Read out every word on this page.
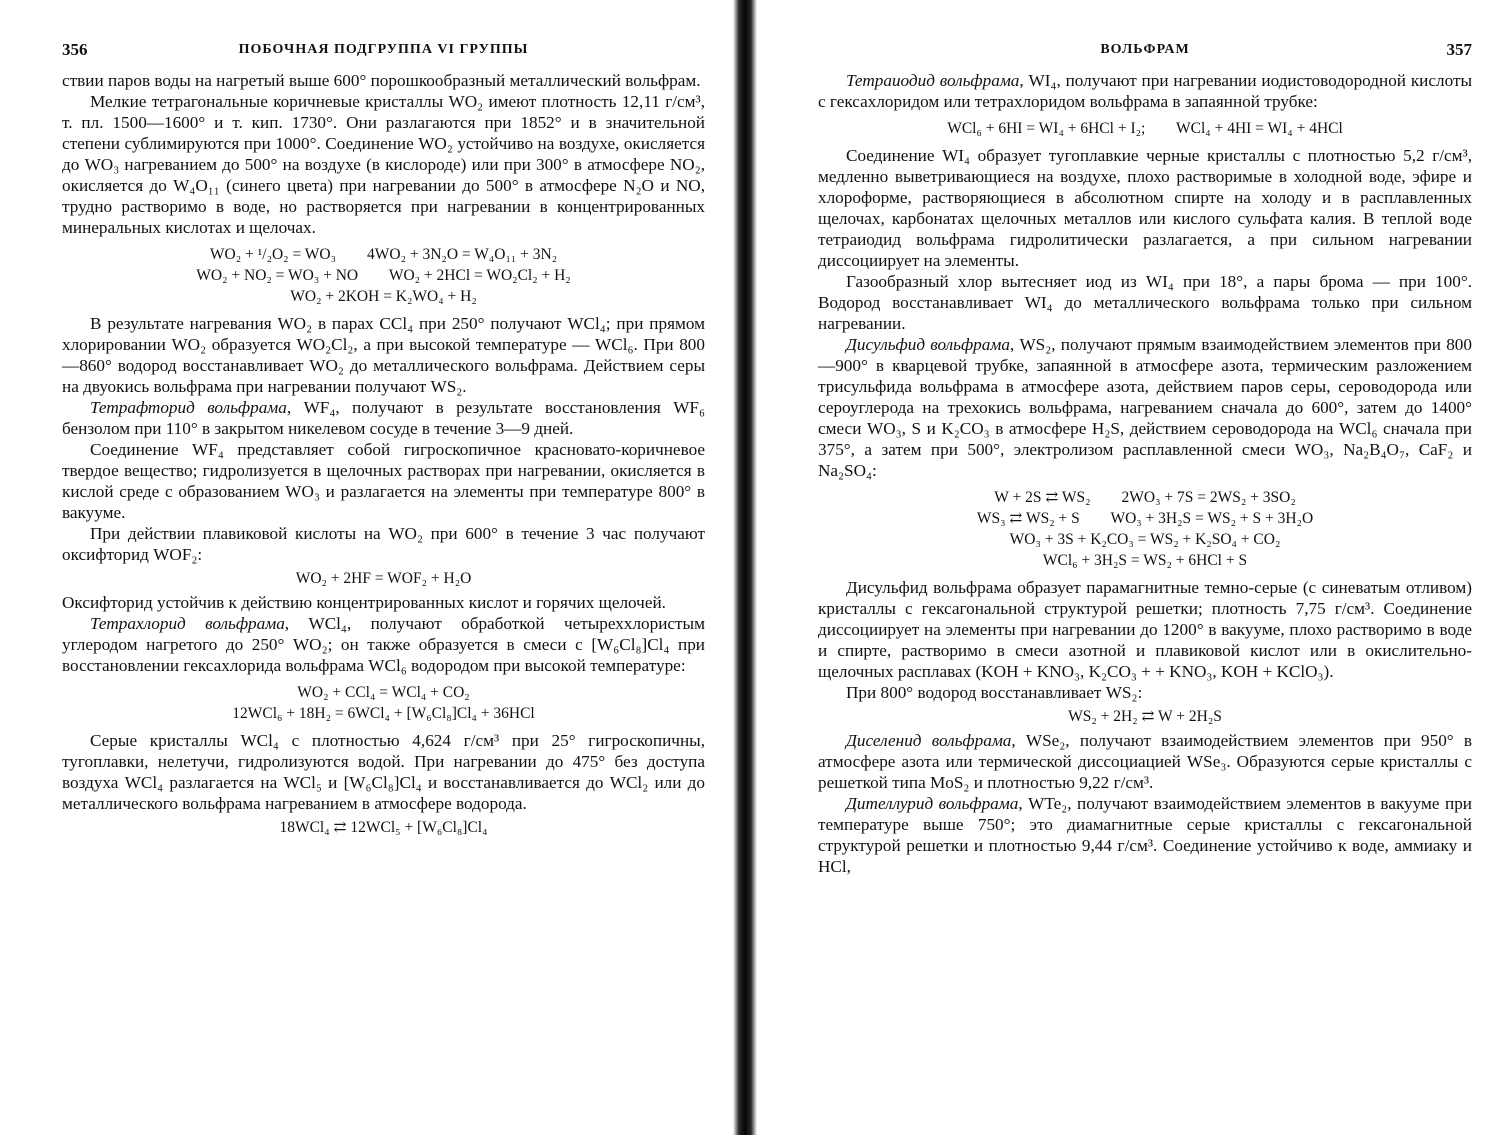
356	ПОБОЧНАЯ ПОДГРУППА VI ГРУППЫ

ствии паров воды на нагретый выше 600° порошкообразный металлический вольфрам.

Мелкие тетрагональные коричневые кристаллы WO₂ имеют плотность 12,11 г/см³, т. пл. 1500—1600° и т. кип. 1730°. Они разлагаются при 1852° и в значительной степени сублимируются при 1000°. Соединение WO₂ устойчиво на воздухе, окисляется до WO₃ нагреванием до 500° на воздухе (в кислороде) или при 300° в атмосфере NO₂, окисляется до W₄O₁₁ (синего цвета) при нагревании до 500° в атмосфере N₂O и NO, трудно растворимо в воде, но растворяется при нагревании в концентрированных минеральных кислотах и щелочах.

WO₂ + ¹/₂O₂ = WO₃        4WO₂ + 3N₂O = W₄O₁₁ + 3N₂
WO₂ + NO₂ = WO₃ + NO        WO₂ + 2HCl = WO₂Cl₂ + H₂
WO₂ + 2KOH = K₂WO₄ + H₂

В результате нагревания WO₂ в парах CCl₄ при 250° получают WCl₄; при прямом хлорировании WO₂ образуется WO₂Cl₂, а при высокой температуре — WCl₆. При 800—860° водород восстанавливает WO₂ до металлического вольфрама. Действием серы на двуокись вольфрама при нагревании получают WS₂.

Тетрафторид вольфрама, WF₄, получают в результате восстановления WF₆ бензолом при 110° в закрытом никелевом сосуде в течение 3—9 дней.

Соединение WF₄ представляет собой гигроскопичное красновато-коричневое твердое вещество; гидролизуется в щелочных растворах при нагревании, окисляется в кислой среде с образованием WO₃ и разлагается на элементы при температуре 800° в вакууме.

При действии плавиковой кислоты на WO₂ при 600° в течение 3 час получают оксифторид WOF₂:

WO₂ + 2HF = WOF₂ + H₂O

Оксифторид устойчив к действию концентрированных кислот и горячих щелочей.

Тетрахлорид вольфрама, WCl₄, получают обработкой четыреххлористым углеродом нагретого до 250° WO₂; он также образуется в смеси с [W₆Cl₈]Cl₄ при восстановлении гексахлорида вольфрама WCl₆ водородом при высокой температуре:

WO₂ + CCl₄ = WCl₄ + CO₂
12WCl₆ + 18H₂ = 6WCl₄ + [W₆Cl₈]Cl₄ + 36HCl

Серые кристаллы WCl₄ с плотностью 4,624 г/см³ при 25° гигроскопичны, тугоплавки, нелетучи, гидролизуются водой. При нагревании до 475° без доступа воздуха WCl₄ разлагается на WCl₅ и [W₆Cl₈]Cl₄ и восстанавливается до WCl₂ или до металлического вольфрама нагреванием в атмосфере водорода.

18WCl₄ ⇄ 12WCl₅ + [W₆Cl₈]Cl₄
ВОЛЬФРАМ	357

Тетраиодид вольфрама, WI₄, получают при нагревании иодистоводородной кислоты с гексахлоридом или тетрахлоридом вольфрама в запаянной трубке:

WCl₆ + 6HI = WI₄ + 6HCl + I₂;        WCl₄ + 4HI = WI₄ + 4HCl

Соединение WI₄ образует тугоплавкие черные кристаллы с плотностью 5,2 г/см³, медленно выветривающиеся на воздухе, плохо растворимые в холодной воде, эфире и хлороформе, растворяющиеся в абсолютном спирте на холоду и в расплавленных щелочах, карбонатах щелочных металлов или кислого сульфата калия. В теплой воде тетраиодид вольфрама гидролитически разлагается, а при сильном нагревании диссоциирует на элементы.

Газообразный хлор вытесняет иод из WI₄ при 18°, а пары брома — при 100°. Водород восстанавливает WI₄ до металлического вольфрама только при сильном нагревании.

Дисульфид вольфрама, WS₂, получают прямым взаимодействием элементов при 800—900° в кварцевой трубке, запаянной в атмосфере азота, термическим разложением трисульфида вольфрама в атмосфере азота, действием паров серы, сероводорода или сероуглерода на трехокись вольфрама, нагреванием сначала до 600°, затем до 1400° смеси WO₃, S и K₂CO₃ в атмосфере H₂S, действием сероводорода на WCl₆ сначала при 375°, а затем при 500°, электролизом расплавленной смеси WO₃, Na₂B₄O₇, CaF₂ и Na₂SO₄:

W + 2S ⇄ WS₂        2WO₃ + 7S = 2WS₂ + 3SO₂
WS₃ ⇄ WS₂ + S        WO₃ + 3H₂S = WS₂ + S + 3H₂O
WO₃ + 3S + K₂CO₃ = WS₂ + K₂SO₄ + CO₂
WCl₆ + 3H₂S = WS₂ + 6HCl + S

Дисульфид вольфрама образует парамагнитные темно-серые (с синеватым отливом) кристаллы с гексагональной структурой решетки; плотность 7,75 г/см³. Соединение диссоциирует на элементы при нагревании до 1200° в вакууме, плохо растворимо в воде и спирте, растворимо в смеси азотной и плавиковой кислот или в окислительно-щелочных расплавах (KOH + KNO₃, K₂CO₃ + + KNO₃, KOH + KClO₃).

При 800° водород восстанавливает WS₂:

WS₂ + 2H₂ ⇄ W + 2H₂S

Диселенид вольфрама, WSe₂, получают взаимодействием элементов при 950° в атмосфере азота или термической диссоциацией WSe₃. Образуются серые кристаллы с решеткой типа MoS₂ и плотностью 9,22 г/см³.

Дителлурид вольфрама, WTe₂, получают взаимодействием элементов в вакууме при температуре выше 750°; это диамагнитные серые кристаллы с гексагональной структурой решетки и плотностью 9,44 г/см³. Соединение устойчиво к воде, аммиаку и HCl,
